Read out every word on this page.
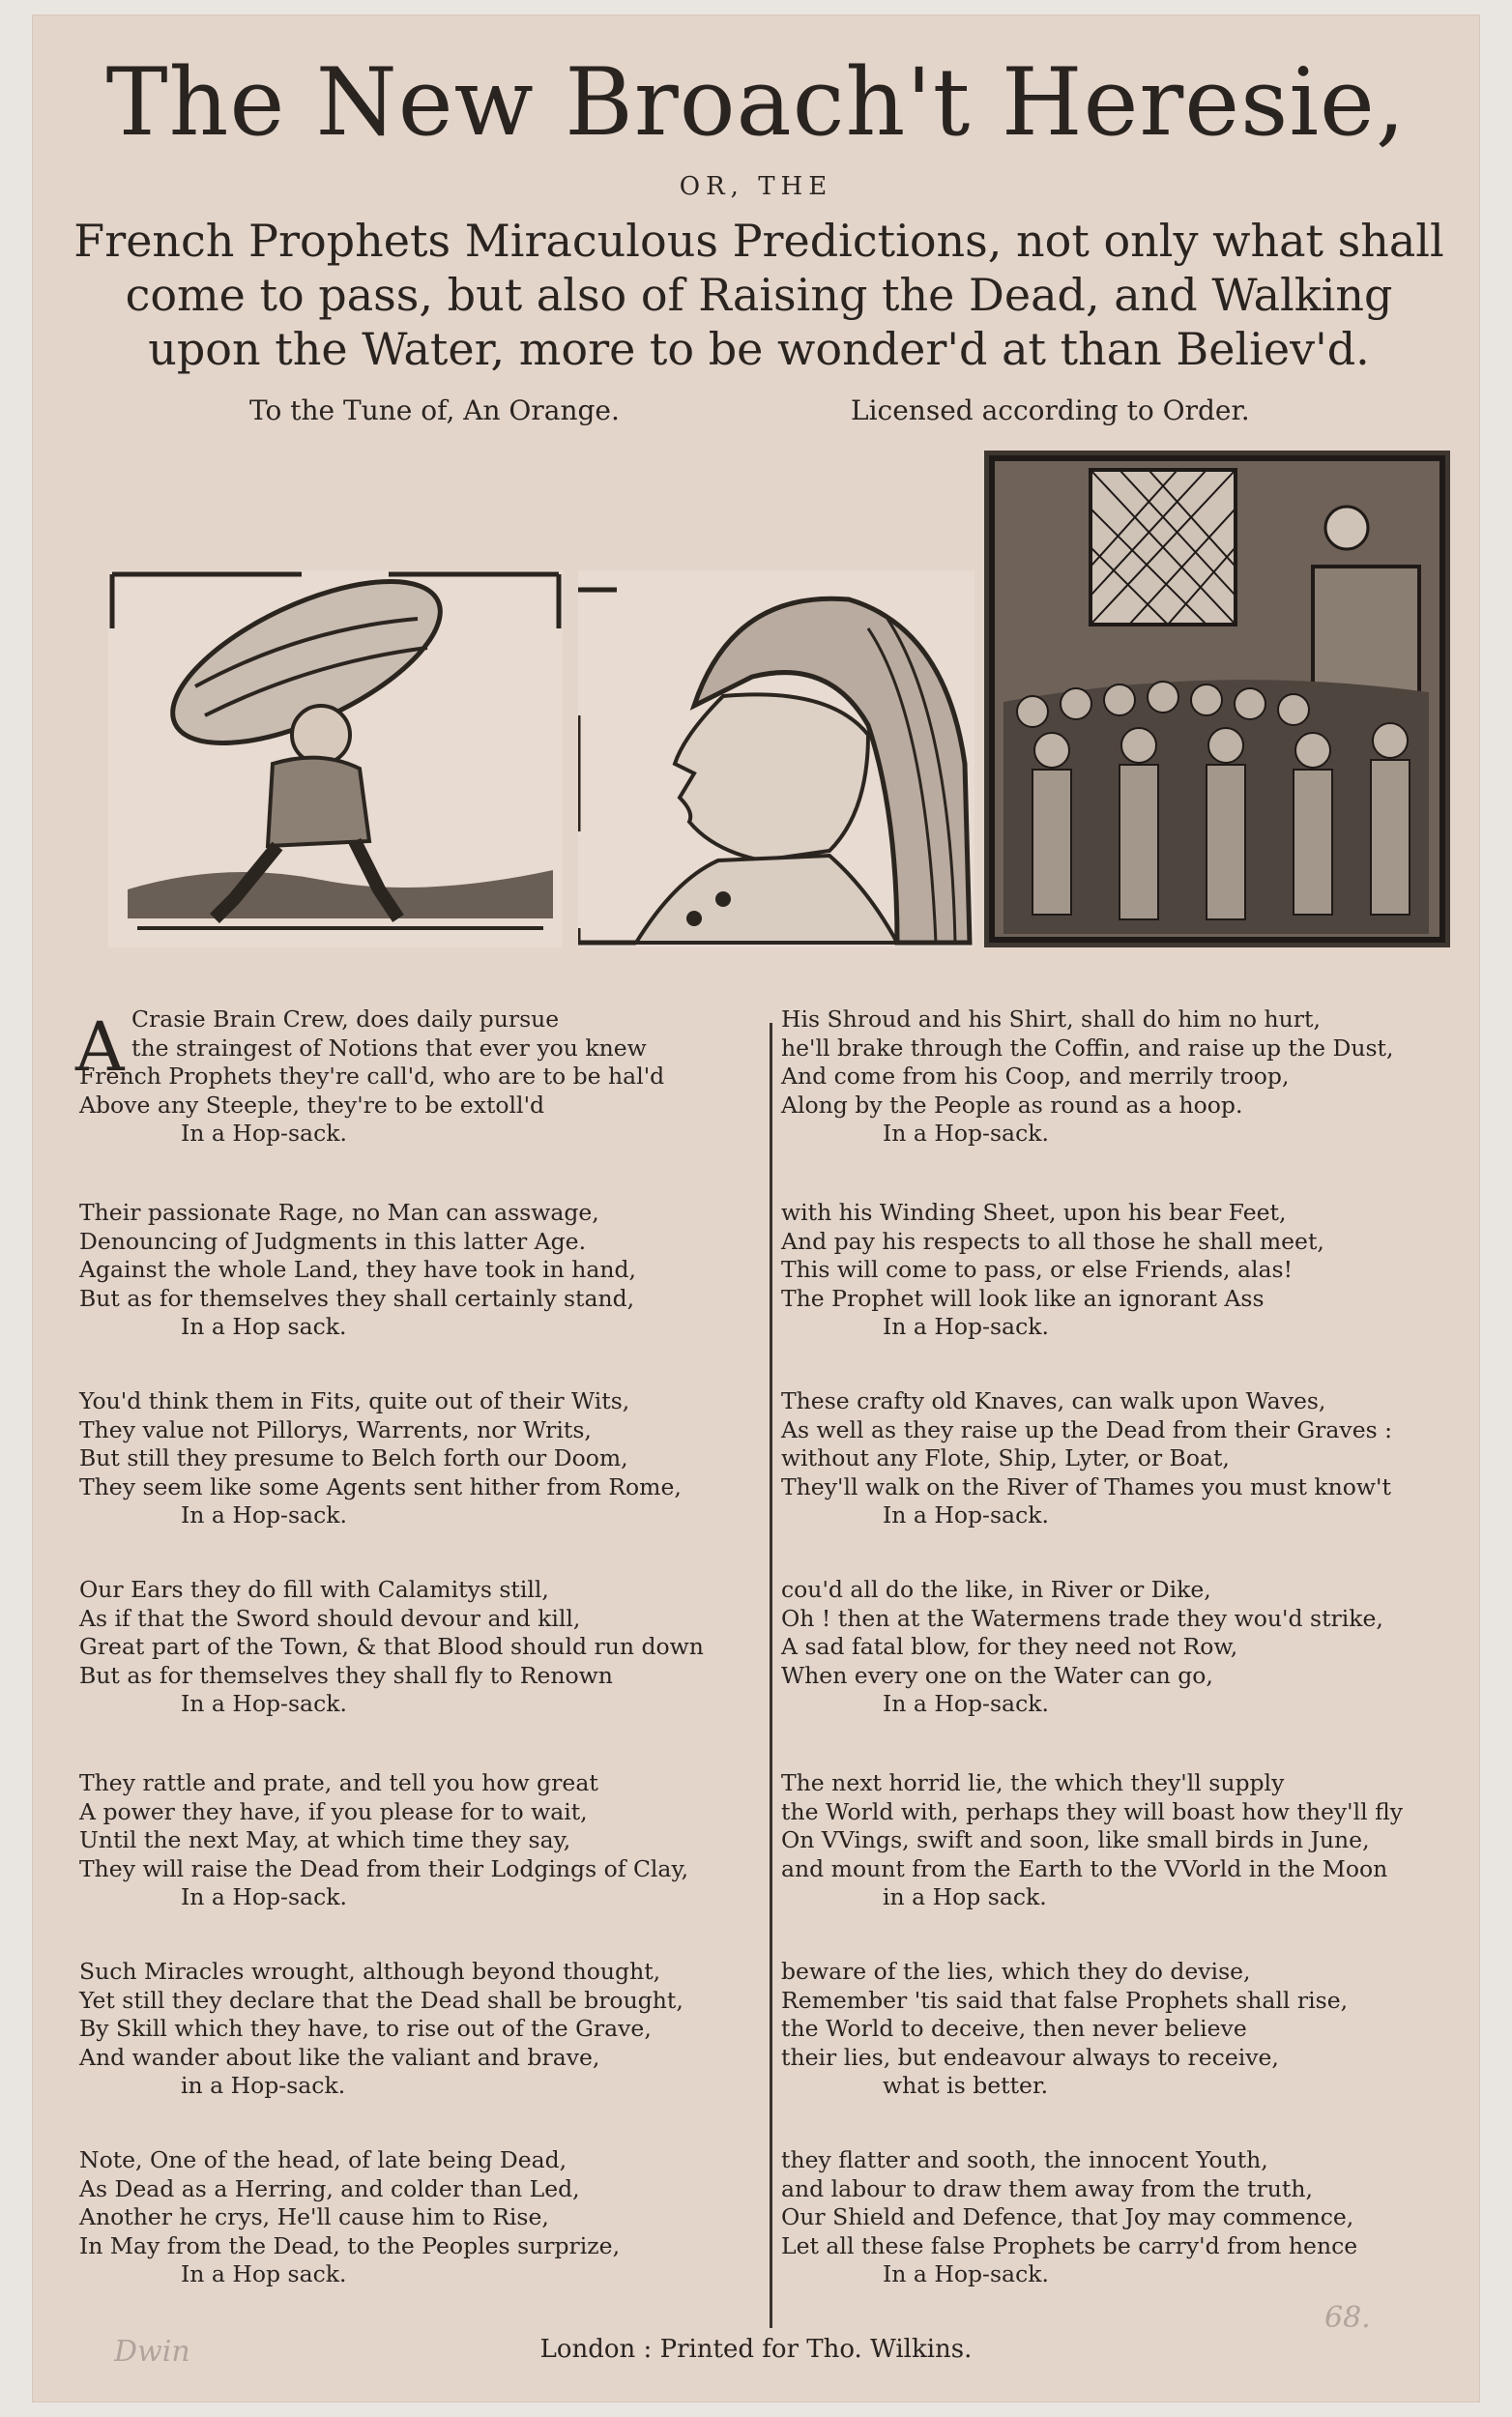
The New Broach't Heresie,
OR, THE
French Prophets Miraculous Predictions, not only what shall
come to pass, but also of Raising the Dead, and Walking
upon the Water, more to be wonder'd at than Believ'd.
To the Tune of, An Orange.	Licensed according to Order.
A Crasie Brain Crew, does daily pursue
the straingest of Notions that ever you knew
French Prophets they're call'd, who are to be hal'd
Above any Steeple, they're to be extoll'd
In a Hop-sack.
Their passionate Rage, no Man can asswage,
Denouncing of Judgments in this latter Age.
Against the whole Land, they have took in hand,
But as for themselves they shall certainly stand,
In a Hop sack.
You'd think them in Fits, quite out of their Wits,
They value not Pillorys, Warrents, nor Writs,
But still they presume to Belch forth our Doom,
They seem like some Agents sent hither from Rome,
In a Hop-sack.
Our Ears they do fill with Calamitys still,
As if that the Sword should devour and kill,
Great part of the Town, & that Blood should run down
But as for themselves they shall fly to Renown
In a Hop-sack.
They rattle and prate, and tell you how great
A power they have, if you please for to wait,
Until the next May, at which time they say,
They will raise the Dead from their Lodgings of Clay,
In a Hop-sack.
Such Miracles wrought, although beyond thought,
Yet still they declare that the Dead shall be brought,
By Skill which they have, to rise out of the Grave,
And wander about like the valiant and brave,
in a Hop-sack.
Note, One of the head, of late being Dead,
As Dead as a Herring, and colder than Led,
Another he crys, He'll cause him to Rise,
In May from the Dead, to the Peoples surprize,
In a Hop sack.
His Shroud and his Shirt, shall do him no hurt,
he'll brake through the Coffin, and raise up the Dust,
And come from his Coop, and merrily troop,
Along by the People as round as a hoop.
In a Hop-sack.
with his Winding Sheet, upon his bear Feet,
And pay his respects to all those he shall meet,
This will come to pass, or else Friends, alas!
The Prophet will look like an ignorant Ass
In a Hop-sack.
These crafty old Knaves, can walk upon Waves,
As well as they raise up the Dead from their Graves :
without any Flote, Ship, Lyter, or Boat,
They'll walk on the River of Thames you must know't
In a Hop-sack.
cou'd all do the like, in River or Dike,
Oh ! then at the Watermens trade they wou'd strike,
A sad fatal blow, for they need not Row,
When every one on the Water can go,
In a Hop-sack.
The next horrid lie, the which they'll supply
the World with, perhaps they will boast how they'll fly
On VVings, swift and soon, like small birds in June,
and mount from the Earth to the VVorld in the Moon
in a Hop sack.
beware of the lies, which they do devise,
Remember 'tis said that false Prophets shall rise,
the World to deceive, then never believe
their lies, but endeavour always to receive,
what is better.
they flatter and sooth, the innocent Youth,
and labour to draw them away from the truth,
Our Shield and Defence, that Joy may commence,
Let all these false Prophets be carry'd from hence
In a Hop-sack.
London : Printed for Tho. Wilkins.
Dwin
68.
